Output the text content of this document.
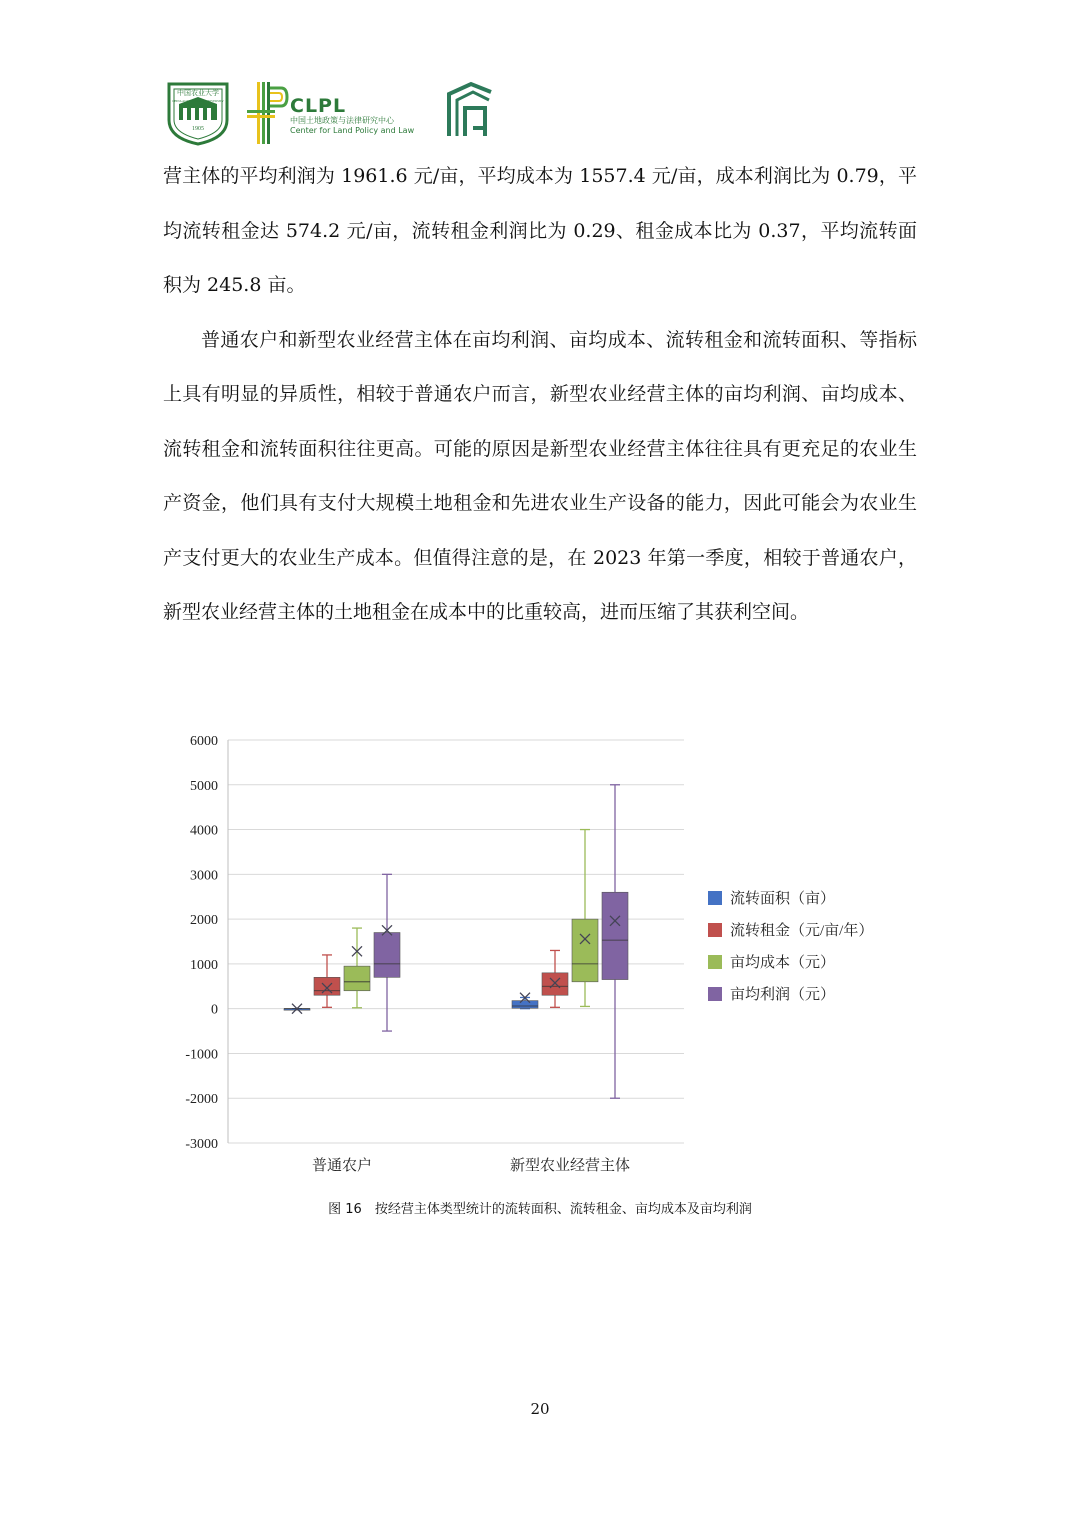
中国农业大学
CHINA AGRICULTURAL UNIVERSITY
1905
CLPL
中国土地政策与法律研究中心
Center for Land Policy and Law

营主体的平均利润为 1961.6 元/亩，平均成本为 1557.4 元/亩，成本利润比为 0.79，平均流转租金达 574.2 元/亩，流转租金利润比为 0.29、租金成本比为 0.37，平均流转面积为 245.8 亩。

普通农户和新型农业经营主体在亩均利润、亩均成本、流转租金和流转面积、等指标上具有明显的异质性，相较于普通农户而言，新型农业经营主体的亩均利润、亩均成本、流转租金和流转面积往往更高。可能的原因是新型农业经营主体往往具有更充足的农业生产资金，他们具有支付大规模土地租金和先进农业生产设备的能力，因此可能会为农业生产支付更大的农业生产成本。但值得注意的是，在 2023 年第一季度，相较于普通农户，新型农业经营主体的土地租金在成本中的比重较高，进而压缩了其获利空间。

6000
5000
4000
3000
2000
1000
0
-1000
-2000
-3000
普通农户	新型农业经营主体
流转面积（亩）
流转租金（元/亩/年）
亩均成本（元）
亩均利润（元）
图 16　按经营主体类型统计的流转面积、流转租金、亩均成本及亩均利润
20
